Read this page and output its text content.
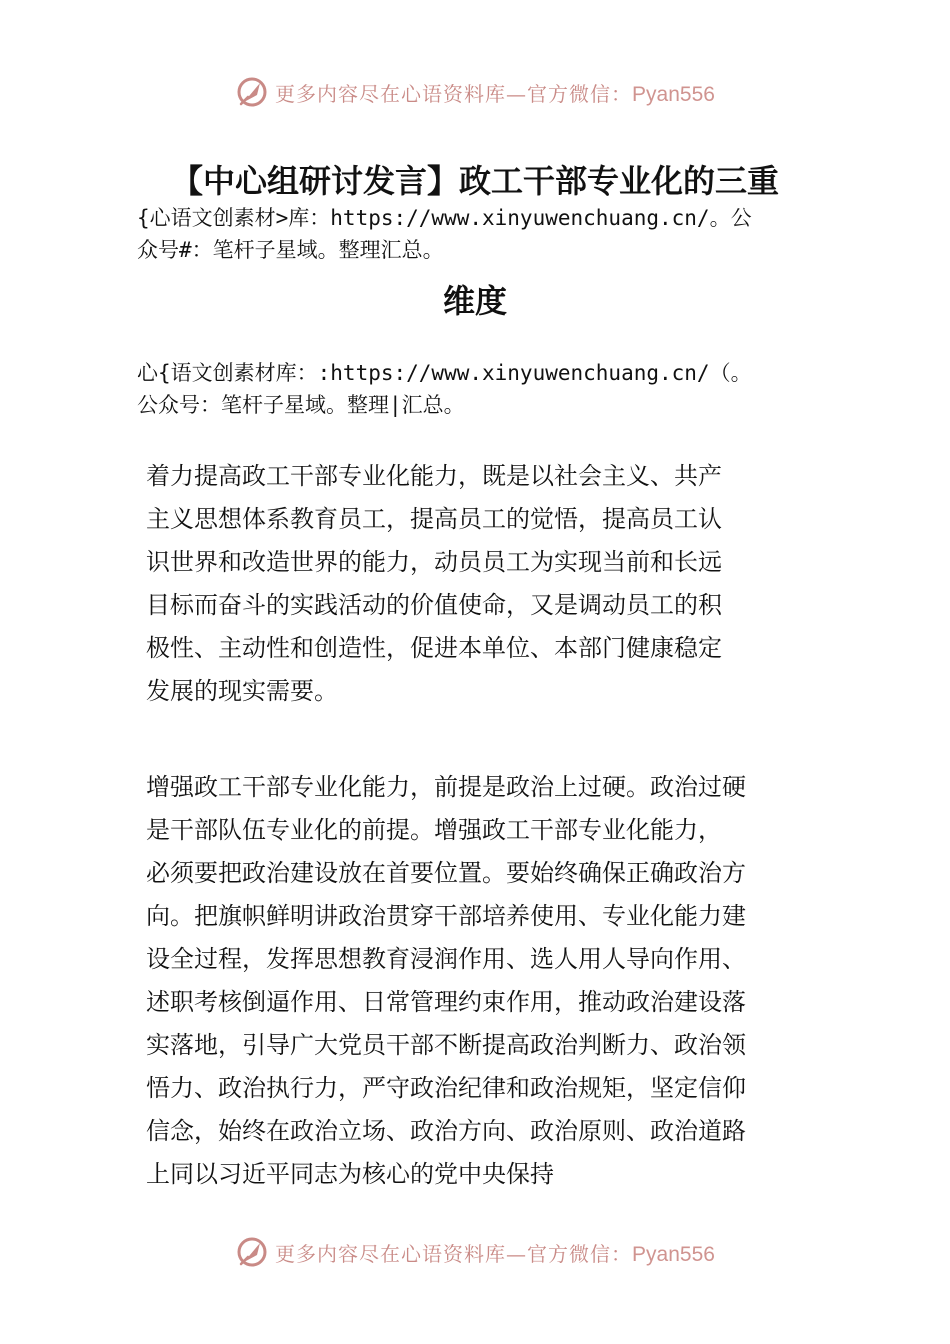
更多内容尽在心语资料库—官方微信：Pyan556
【中心组研讨发言】政工干部专业化的三重
{心语文创素材>库：https://www.xinyuwenchuang.cn/。公
众号#：笔杆子星域。整理汇总。
维度
心{语文创素材库：:https://www.xinyuwenchuang.cn/（。
公众号：笔杆子星域。整理|汇总。

着力提高政工干部专业化能力，既是以社会主义、共产

主义思想体系教育员工，提高员工的觉悟，提高员工认

识世界和改造世界的能力，动员员工为实现当前和长远

目标而奋斗的实践活动的价值使命，又是调动员工的积

极性、主动性和创造性，促进本单位、本部门健康稳定

发展的现实需要。

增强政工干部专业化能力，前提是政治上过硬。政治过硬

是干部队伍专业化的前提。增强政工干部专业化能力，

必须要把政治建设放在首要位置。要始终确保正确政治方

向。把旗帜鲜明讲政治贯穿干部培养使用、专业化能力建

设全过程，发挥思想教育浸润作用、选人用人导向作用、

述职考核倒逼作用、日常管理约束作用，推动政治建设落

实落地，引导广大党员干部不断提高政治判断力、政治领

悟力、政治执行力，严守政治纪律和政治规矩，坚定信仰

信念，始终在政治立场、政治方向、政治原则、政治道路

上同以习近平同志为核心的党中央保持

更多内容尽在心语资料库—官方微信：Pyan556
